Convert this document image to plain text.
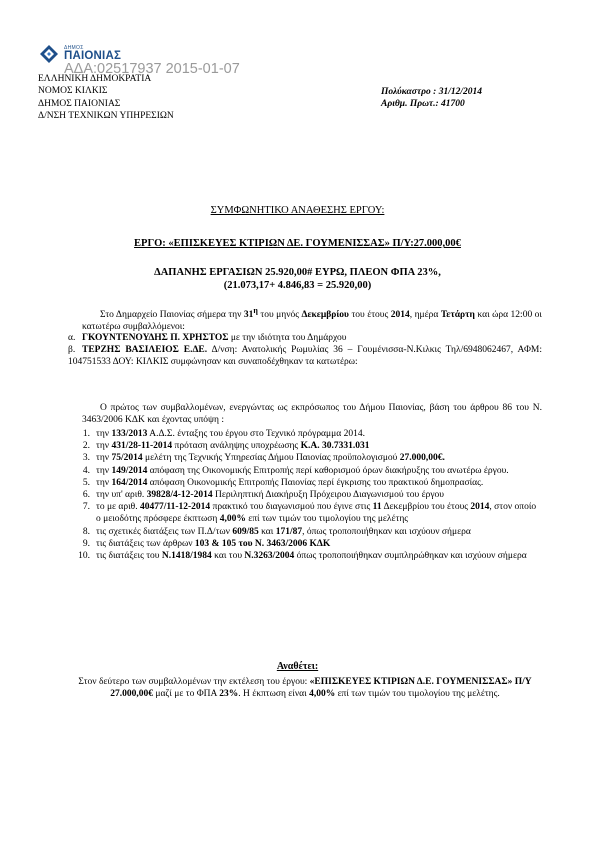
ΔΗΜΟΣ
ΠΑΙΟΝΙΑΣ
ΕΛΛΗΝΙΚΗ ΔΗΜΟΚΡΑΤΙΑ
ΝΟΜΟΣ ΚΙΛΚΙΣ
ΔΗΜΟΣ ΠΑΙΟΝΙΑΣ
Δ/ΝΣΗ ΤΕΧΝΙΚΩΝ ΥΠΗΡΕΣΙΩΝ
ΑΔΑ:02517937 2015-01-07
Πολύκαστρο : 31/12/2014
Αριθμ. Πρωτ.: 41700
ΣΥΜΦΩΝΗΤΙΚΟ ΑΝΑΘΕΣΗΣ ΕΡΓΟΥ:
ΕΡΓΟ: «ΕΠΙΣΚΕΥΕΣ ΚΤΙΡΙΩΝ ΔΕ. ΓΟΥΜΕΝΙΣΣΑΣ» Π/Υ:27.000,00€
ΔΑΠΑΝΗΣ ΕΡΓΑΣΙΩΝ 25.920,00# ΕΥΡΩ, ΠΛΕΟΝ ΦΠΑ 23%,
(21.073,17+ 4.846,83 = 25.920,00)
Στο Δημαρχείο Παιονίας σήμερα την $31^\eta$ του μηνός Δεκεμβρίου του έτους 2014, ημέρα Τετάρτη και ώρα 12:00 οι κατωτέρω συμβαλλόμενοι:
α. ΓΚΟΥΝΤΕΝΟΥΔΗΣ Π. ΧΡΗΣΤΟΣ με την ιδιότητα του Δημάρχου
β. ΤΕΡΖΗΣ ΒΑΣΙΛΕΙΟΣ Ε.ΔΕ. Δ/νση: Ανατολικής Ρωμυλίας 36 – Γουμένισσα-Ν.Κιλκις Τηλ/6948062467, ΑΦΜ: 104751533 ΔΟΥ: ΚΙΛΚΙΣ συμφώνησαν και συναποδέχθηκαν τα κατωτέρω:
Ο πρώτος των συμβαλλομένων, ενεργώντας ως εκπρόσωπος του Δήμου Παιονίας, βάση του άρθρου 86 του Ν. 3463/2006 ΚΔΚ και έχοντας υπόψη :
1. την 133/2013 Α.Δ.Σ. ένταξης του έργου στο Τεχνικό πρόγραμμα 2014.
2. την 431/28-11-2014 πρόταση ανάληψης υποχρέωσης Κ.Α. 30.7331.031
3. την 75/2014 μελέτη της Τεχνικής Υπηρεσίας Δήμου Παιονίας προϋπολογισμού 27.000,00€.
4. την 149/2014 απόφαση της Οικονομικής Επιτροπής περί καθορισμού όρων διακήρυξης του ανωτέρω έργου.
5. την 164/2014 απόφαση Οικονομικής Επιτροπής Παιονίας περί έγκρισης του πρακτικού δημοπρασίας.
6. την υπ' αριθ. 39828/4-12-2014 Περιληπτική Διακήρυξη Πρόχειρου Διαγωνισμού του έργου
7. το με αριθ. 40477/11-12-2014 πρακτικό του διαγωνισμού που έγινε στις 11 Δεκεμβρίου του έτους 2014, στον οποίο ο μειοδότης πρόσφερε έκπτωση 4,00% επί των τιμών του τιμολογίου της μελέτης
8. τις σχετικές διατάξεις των Π.Δ/των 609/85 και 171/87, όπως τροποποιήθηκαν και ισχύουν σήμερα
9. τις διατάξεις των άρθρων 103 & 105 του Ν. 3463/2006 ΚΔΚ
10. τις διατάξεις του Ν.1418/1984 και του Ν.3263/2004 όπως τροποποιήθηκαν συμπληρώθηκαν και ισχύουν σήμερα
Αναθέτει:
Στον δεύτερο των συμβαλλομένων την εκτέλεση του έργου: «ΕΠΙΣΚΕΥΕΣ ΚΤΙΡΙΩΝ Δ.Ε. ΓΟΥΜΕΝΙΣΣΑΣ» Π/Υ 27.000,00€ μαζί με το ΦΠΑ 23%. Η έκπτωση είναι 4,00% επί των τιμών του τιμολογίου της μελέτης.
